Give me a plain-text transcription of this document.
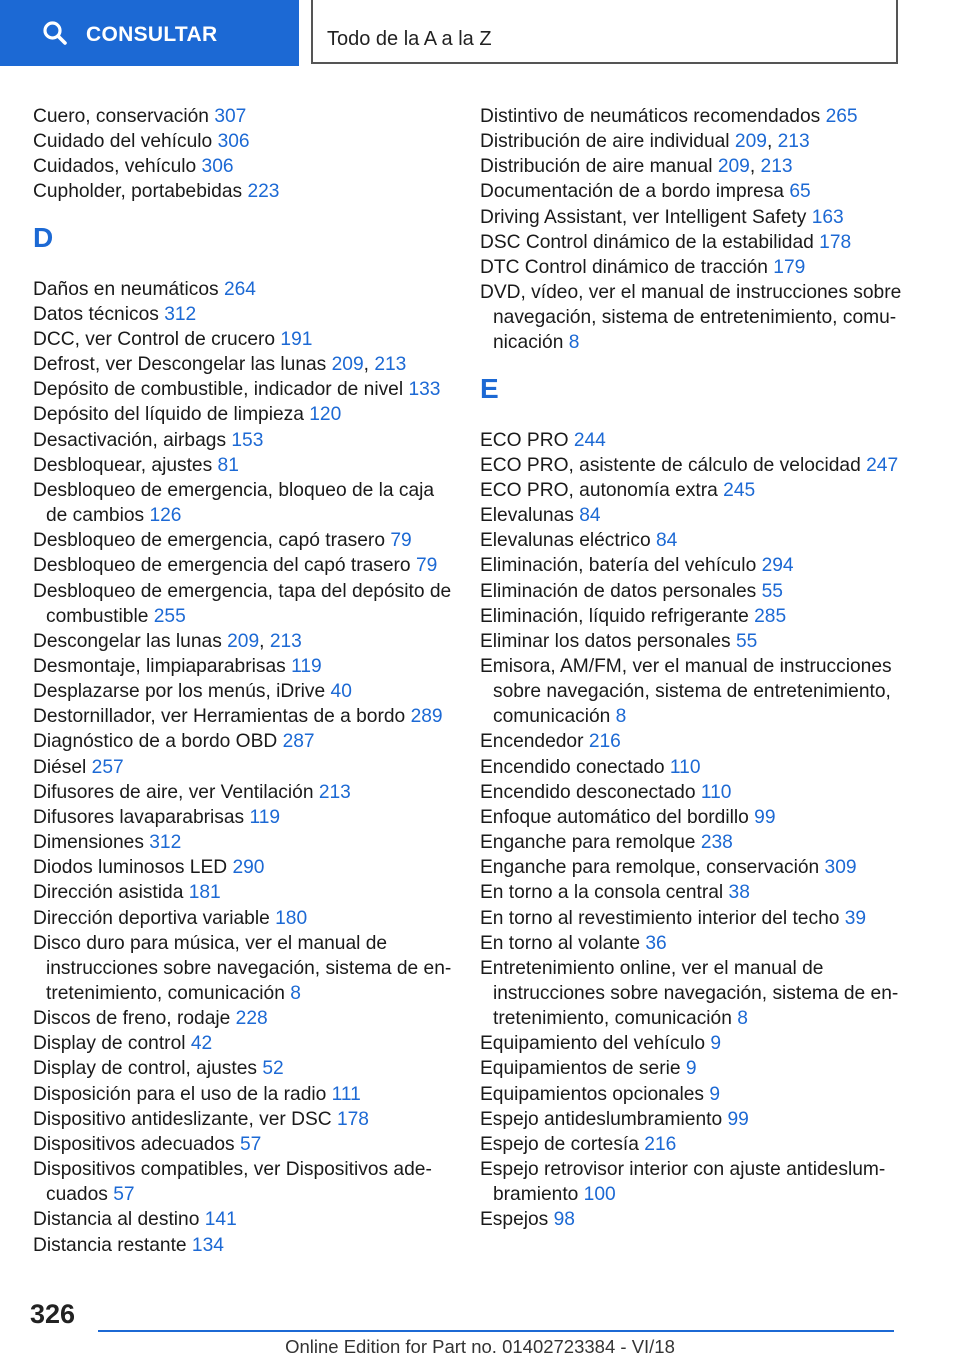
CONSULTAR	Todo de la A a la Z
Cuero, conservación 307
Cuidado del vehículo 306
Cuidados, vehículo 306
Cupholder, portabebidas 223
D
Daños en neumáticos 264
Datos técnicos 312
DCC, ver Control de crucero 191
Defrost, ver Descongelar las lunas 209, 213
Depósito de combustible, indicador de nivel 133
Depósito del líquido de limpieza 120
Desactivación, airbags 153
Desbloquear, ajustes 81
Desbloqueo de emergencia, bloqueo de la caja de cambios 126
Desbloqueo de emergencia, capó trasero 79
Desbloqueo de emergencia del capó trasero 79
Desbloqueo de emergencia, tapa del depósito de combustible 255
Descongelar las lunas 209, 213
Desmontaje, limpiaparabrisas 119
Desplazarse por los menús, iDrive 40
Destornillador, ver Herramientas de a bordo 289
Diagnóstico de a bordo OBD 287
Diésel 257
Difusores de aire, ver Ventilación 213
Difusores lavaparabrisas 119
Dimensiones 312
Diodos luminosos LED 290
Dirección asistida 181
Dirección deportiva variable 180
Disco duro para música, ver el manual de instrucciones sobre navegación, sistema de entretenimiento, comunicación 8
Discos de freno, rodaje 228
Display de control 42
Display de control, ajustes 52
Disposición para el uso de la radio 111
Dispositivo antideslizante, ver DSC 178
Dispositivos adecuados 57
Dispositivos compatibles, ver Dispositivos adecuados 57
Distancia al destino 141
Distancia restante 134
Distintivo de neumáticos recomendados 265
Distribución de aire individual 209, 213
Distribución de aire manual 209, 213
Documentación de a bordo impresa 65
Driving Assistant, ver Intelligent Safety 163
DSC Control dinámico de la estabilidad 178
DTC Control dinámico de tracción 179
DVD, vídeo, ver el manual de instrucciones sobre navegación, sistema de entretenimiento, comunicación 8
E
ECO PRO 244
ECO PRO, asistente de cálculo de velocidad 247
ECO PRO, autonomía extra 245
Elevalunas 84
Elevalunas eléctrico 84
Eliminación, batería del vehículo 294
Eliminación de datos personales 55
Eliminación, líquido refrigerante 285
Eliminar los datos personales 55
Emisora, AM/FM, ver el manual de instrucciones sobre navegación, sistema de entretenimiento, comunicación 8
Encendedor 216
Encendido conectado 110
Encendido desconectado 110
Enfoque automático del bordillo 99
Enganche para remolque 238
Enganche para remolque, conservación 309
En torno a la consola central 38
En torno al revestimiento interior del techo 39
En torno al volante 36
Entretenimiento online, ver el manual de instrucciones sobre navegación, sistema de entretenimiento, comunicación 8
Equipamiento del vehículo 9
Equipamientos de serie 9
Equipamientos opcionales 9
Espejo antideslumbramiento 99
Espejo de cortesía 216
Espejo retrovisor interior con ajuste antideslumbramiento 100
Espejos 98
326
Online Edition for Part no. 01402723384 - VI/18
